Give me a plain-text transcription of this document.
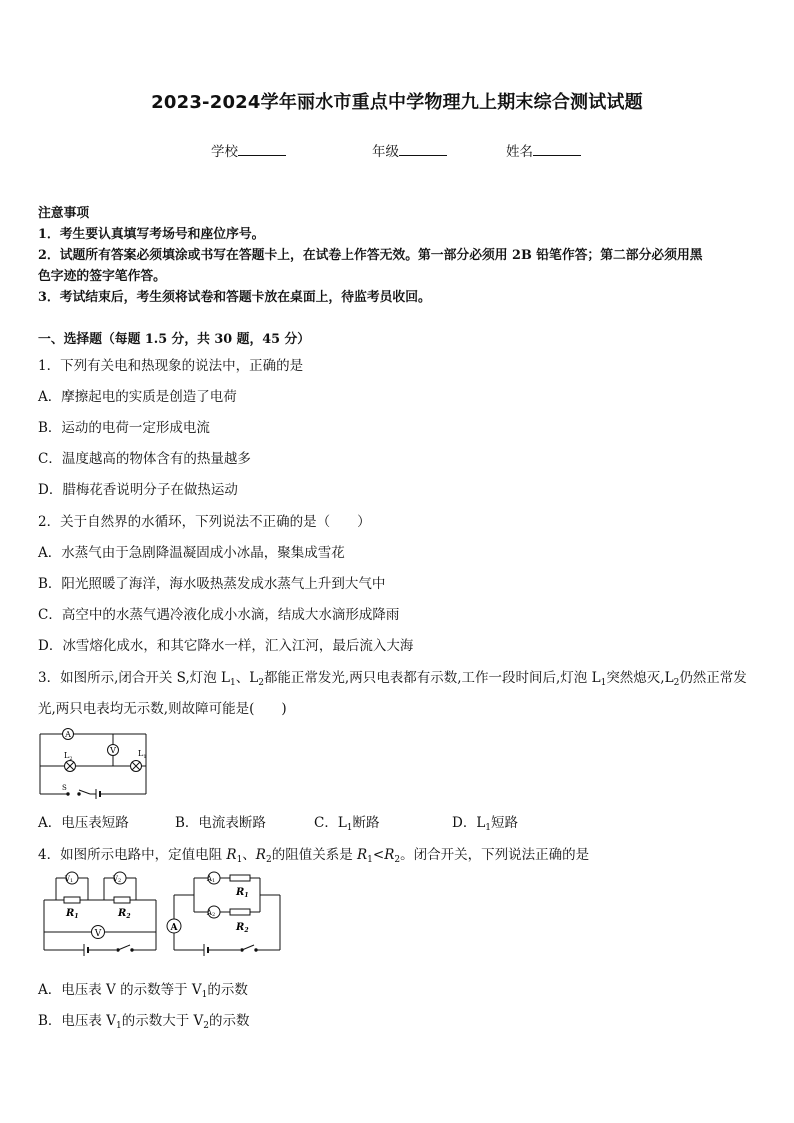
2023-2024学年丽水市重点中学物理九上期末综合测试试题
学校	年级	姓名
注意事项
1．考生要认真填写考场号和座位序号。
2．试题所有答案必须填涂或书写在答题卡上，在试卷上作答无效。第一部分必须用 2B 铅笔作答；第二部分必须用黑
色字迹的签字笔作答。
3．考试结束后，考生须将试卷和答题卡放在桌面上，待监考员收回。
一、选择题（每题 1.5 分，共 30 题，45 分）
1．下列有关电和热现象的说法中，正确的是
A．摩擦起电的实质是创造了电荷
B．运动的电荷一定形成电流
C．温度越高的物体含有的热量越多
D．腊梅花香说明分子在做热运动
2．关于自然界的水循环，下列说法不正确的是（　　）
A．水蒸气由于急剧降温凝固成小冰晶，聚集成雪花
B．阳光照暖了海洋，海水吸热蒸发成水蒸气上升到大气中
C．高空中的水蒸气遇冷液化成小水滴，结成大水滴形成降雨
D．冰雪熔化成水，和其它降水一样，汇入江河，最后流入大海
3．如图所示,闭合开关 S,灯泡 $L_1$、$L_2$都能正常发光,两只电表都有示数,工作一段时间后,灯泡 $L_1$突然熄灭$,L_2$仍然正常发
光,两只电表均无示数,则故障可能是(　　)
A
V
$L_2$
$L_1$
S
A．电压表短路	B．电流表断路	C．$L_1$断路	D．$L_1$短路
4．如图所示电路中，定值电阻 $R_1$、$R_2$的阻值关系是 $R_1<R_2$。闭合开关，下列说法正确的是
V1	V2
$R_1$	$R_2$
V
A1
A2
A
$R_1$
$R_2$
A．电压表 V 的示数等于 $V_1$的示数
B．电压表 $V_1$的示数大于 $V_2$的示数
